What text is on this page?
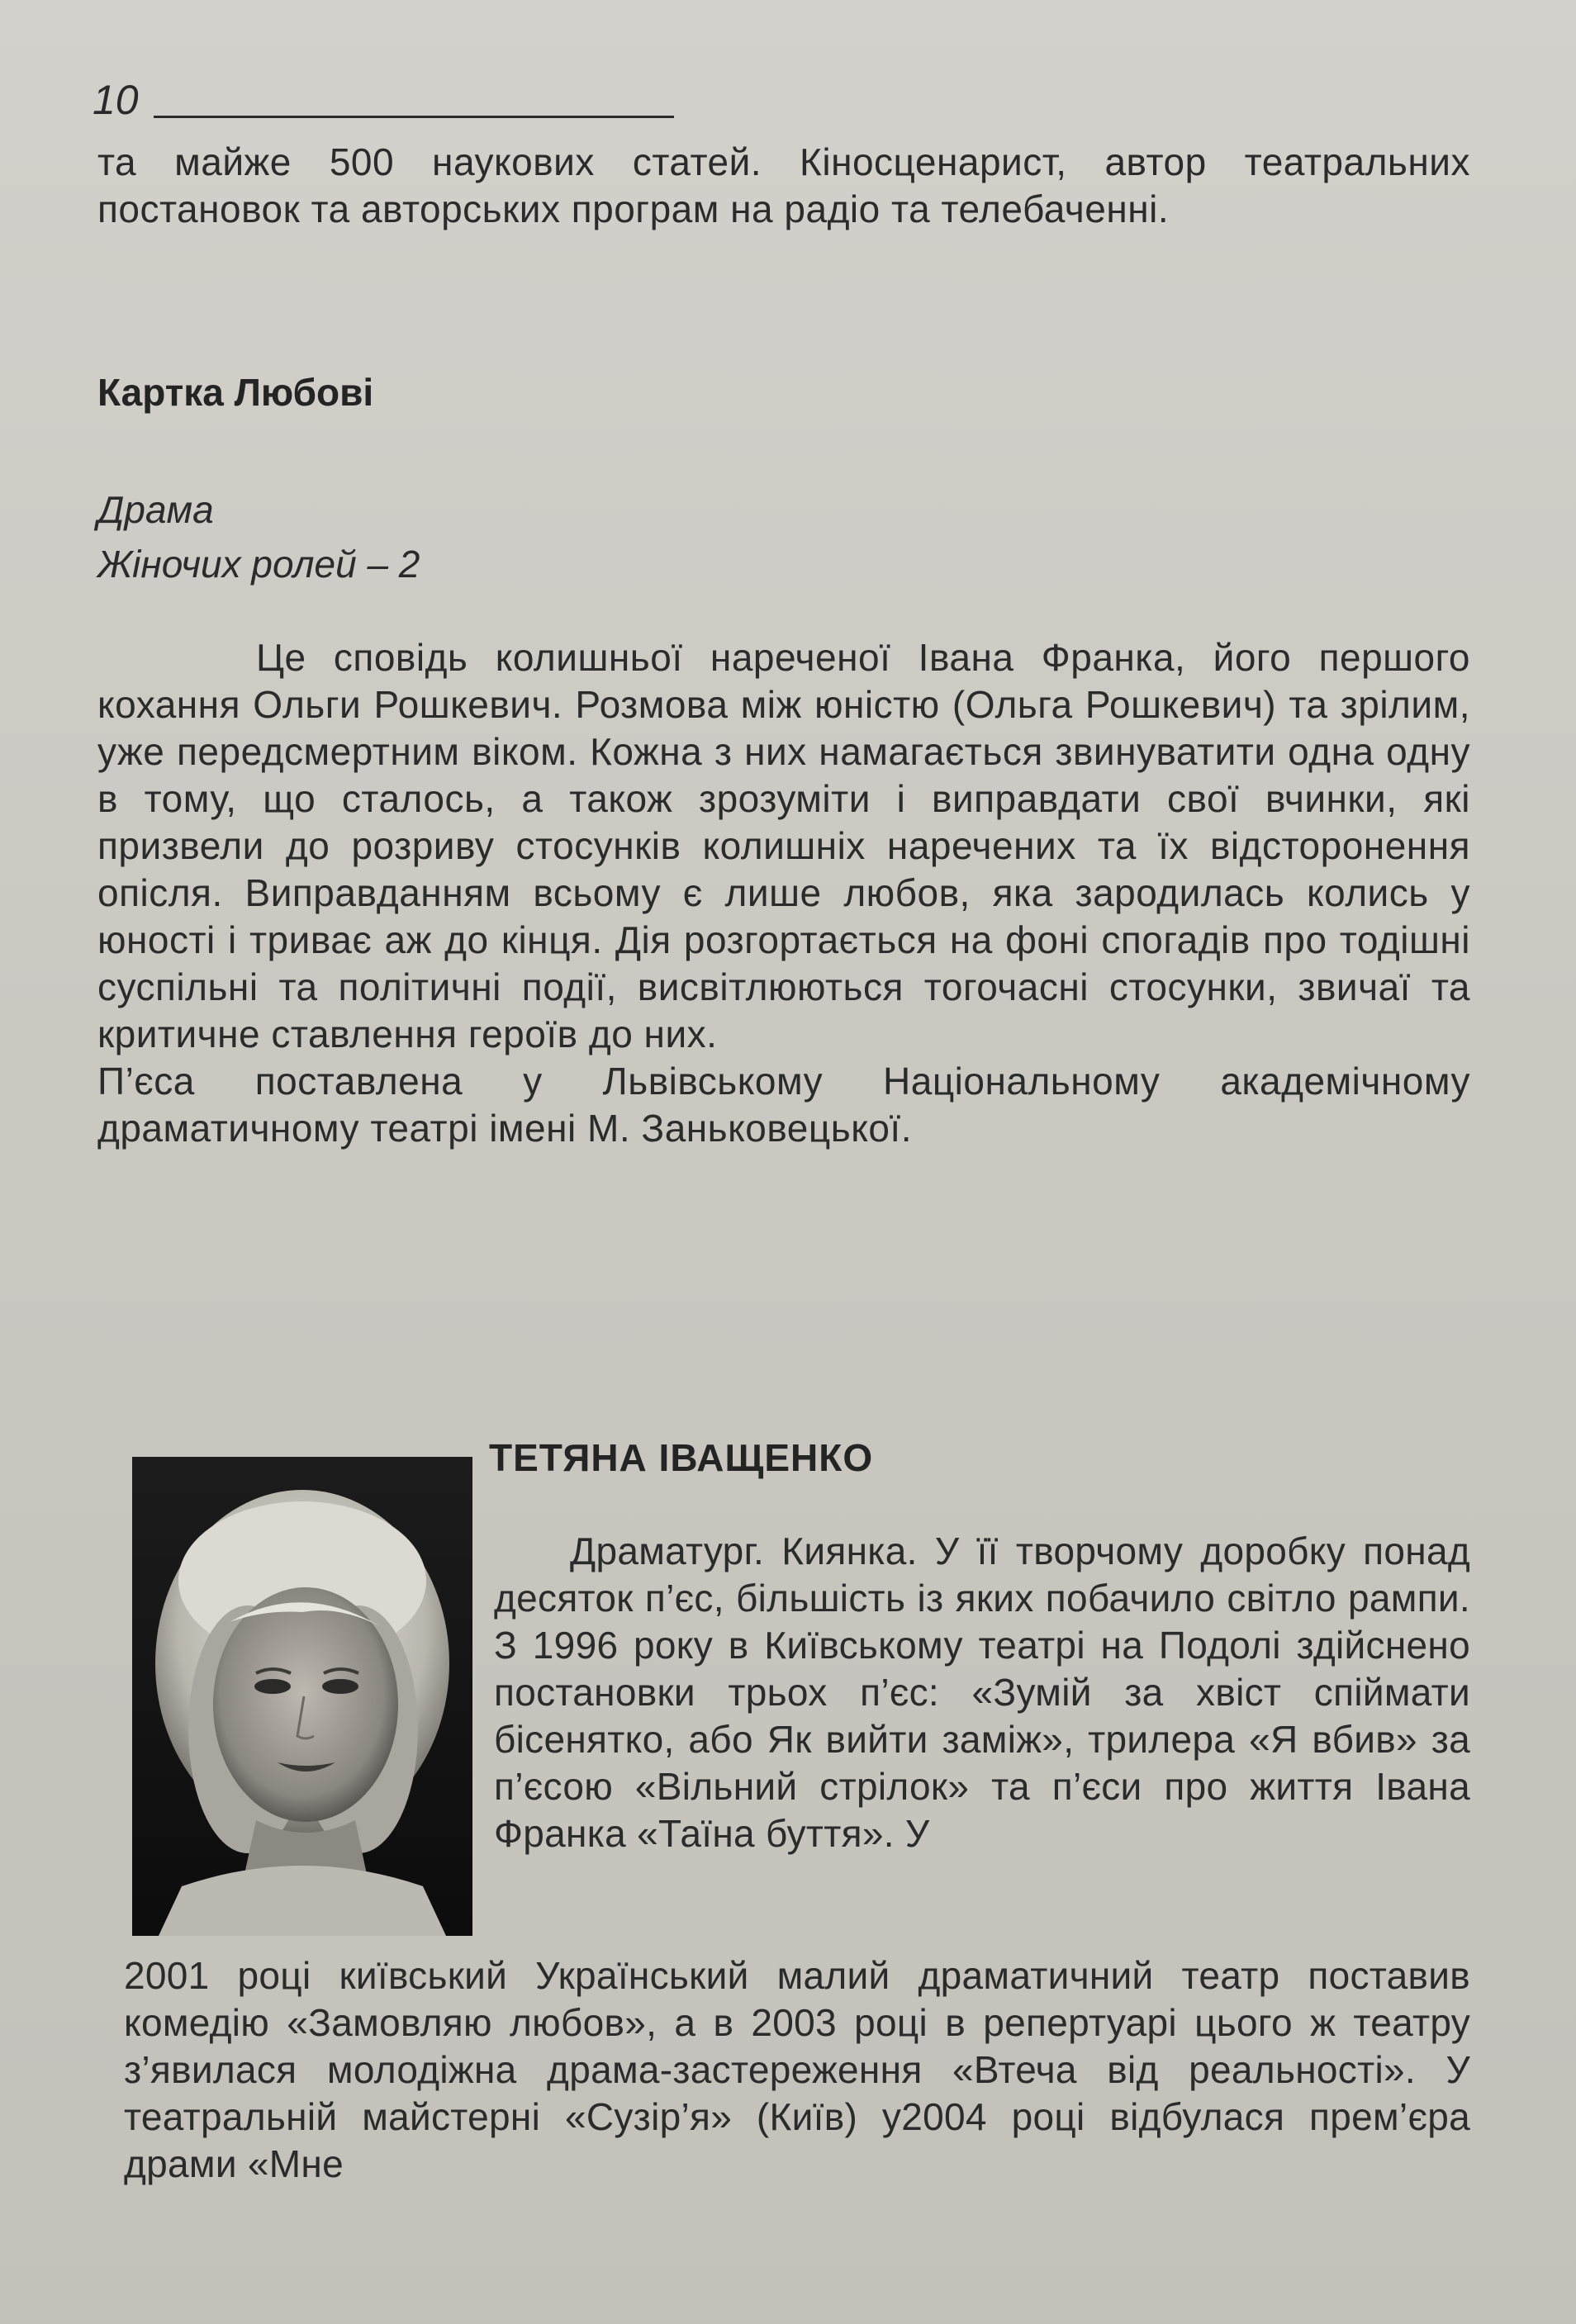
10
та майже 500 наукових статей. Кіносценарист, автор театральних постановок та авторських програм на радіо та телебаченні.
Картка Любові
Драма
Жіночих ролей – 2

Це сповідь колишньої нареченої Івана Франка, його першого кохання Ольги Рошкевич. Розмова між юністю (Ольга Рошкевич) та зрілим, уже передсмертним віком. Кожна з них намагається звинуватити одна одну в тому, що сталось, а також зрозуміти і виправдати свої вчинки, які призвели до розриву стосунків колишніх наречених та їх відсторонення опісля. Виправданням всьому є лише любов, яка зародилась колись у юності і триває аж до кінця. Дія розгортається на фоні спогадів про тодішні суспільні та політичні події, висвітлюються тогочасні стосунки, звичаї та критичне ставлення героїв до них.

П’єса поставлена у Львівському Національному академічному драматичному театрі імені М. Заньковецької.

ТЕТЯНА ІВАЩЕНКО
Драматург. Киянка. У її творчому доробку понад десяток п’єс, більшість із яких побачило світло рампи. З 1996 року в Київському театрі на Подолі здійснено постановки трьох п’єс: «Зумій за хвіст спіймати бісенятко, або Як вийти заміж», трилера «Я вбив» за п’єсою «Вільний стрілок» та п’єси про життя Івана Франка «Таїна буття». У
2001 році київський Український малий драматичний театр поставив комедію «Замовляю любов», а в 2003 році в репертуарі цього ж театру з’явилася молодіжна драма-застереження «Втеча від реальності». У театральній майстерні «Сузір’я» (Київ) у2004 році відбулася прем’єра драми «Мне
